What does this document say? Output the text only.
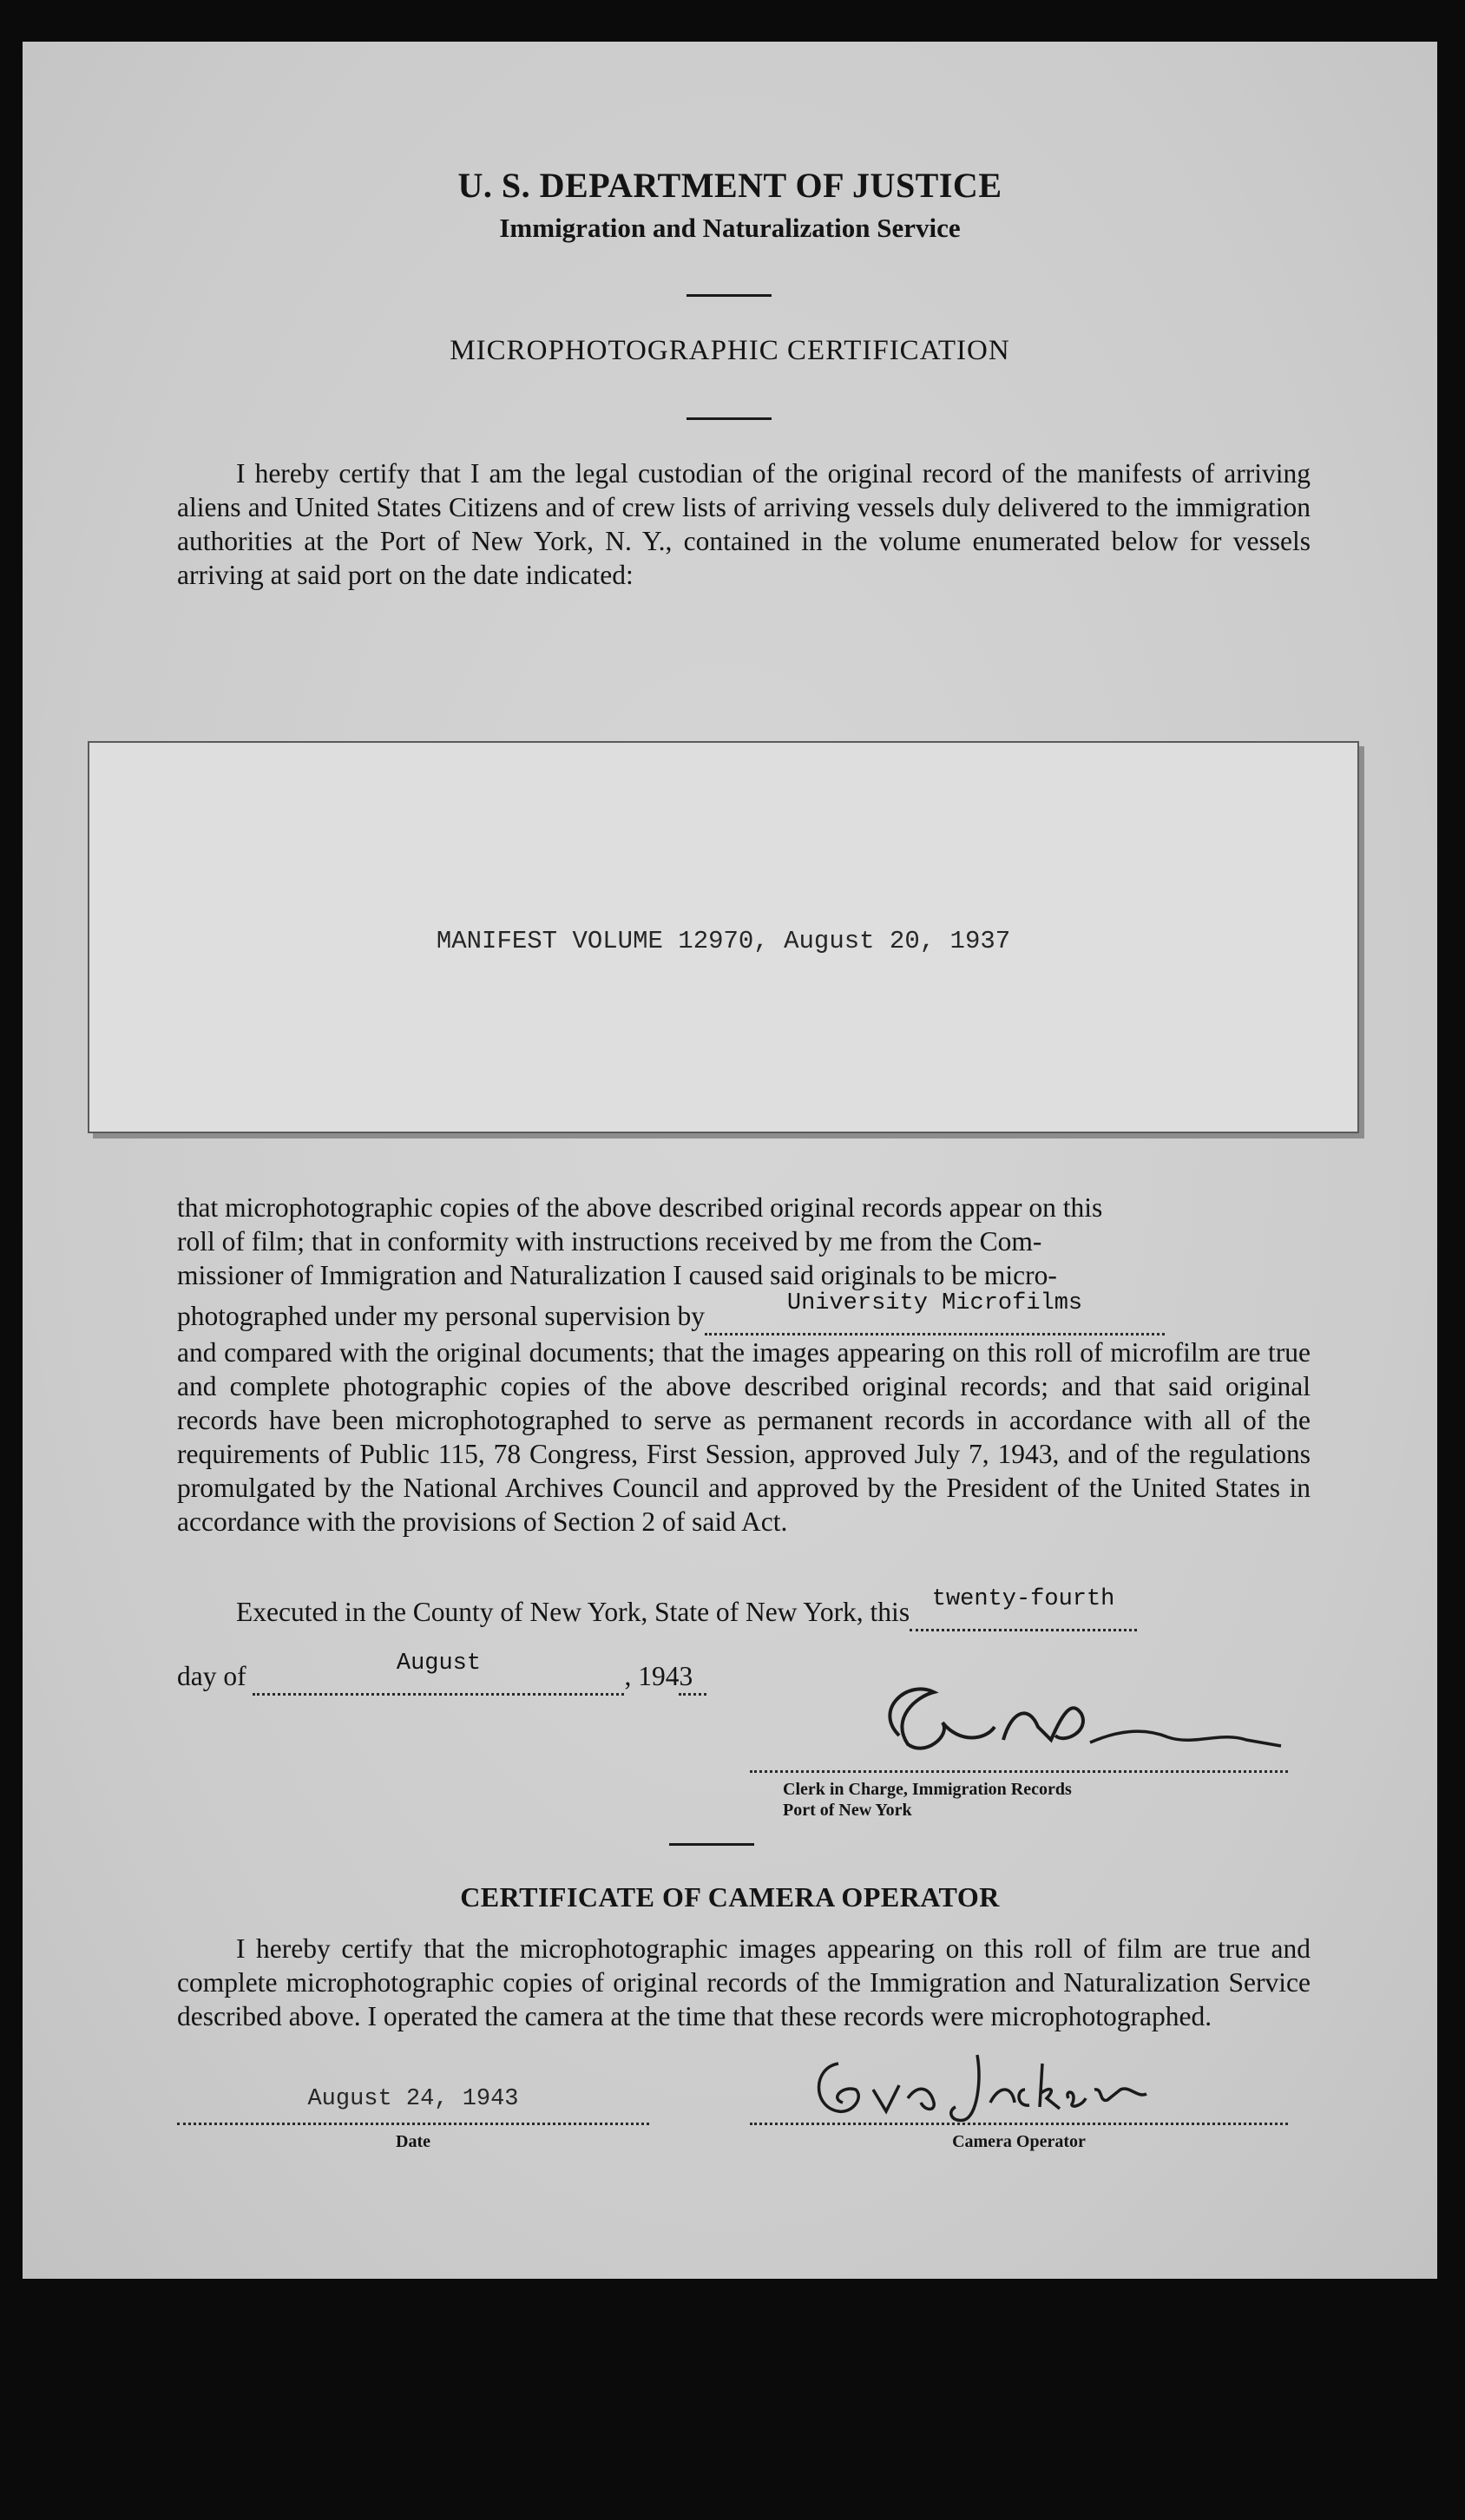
U. S. DEPARTMENT OF JUSTICE
Immigration and Naturalization Service
MICROPHOTOGRAPHIC CERTIFICATION
I hereby certify that I am the legal custodian of the original record of the manifests of arriving aliens and United States Citizens and of crew lists of arriving vessels duly delivered to the immigration authorities at the Port of New York, N. Y., contained in the volume enumerated below for vessels arriving at said port on the date indicated:
MANIFEST VOLUME 12970, August 20, 1937
that microphotographic copies of the above described original records appear on this
roll of film; that in conformity with instructions received by me from the Com-
missioner of Immigration and Naturalization I caused said originals to be micro-
photographed under my personal supervision by	University Microfilms

and compared with the original documents; that the images appearing on this roll of microfilm are true and complete photographic copies of the above described original records; and that said original records have been microphotographed to serve as permanent records in accordance with all of the requirements of Public 115, 78 Congress, First Session, approved July 7, 1943, and of the regulations promulgated by the National Archives Council and approved by the President of the United States in accordance with the provisions of Section 2 of said Act.
Executed in the County of New York, State of New York, this twenty-fourth

day of	August	, 1943
Geo Bacon
Clerk in Charge, Immigration Records
Port of New York
CERTIFICATE OF CAMERA OPERATOR
I hereby certify that the microphotographic images appearing on this roll of film are true and complete microphotographic copies of original records of the Immigration and Naturalization Service described above. I operated the camera at the time that these records were microphotographed.
August 24, 1943
Date
Eva Jackson
Camera Operator
